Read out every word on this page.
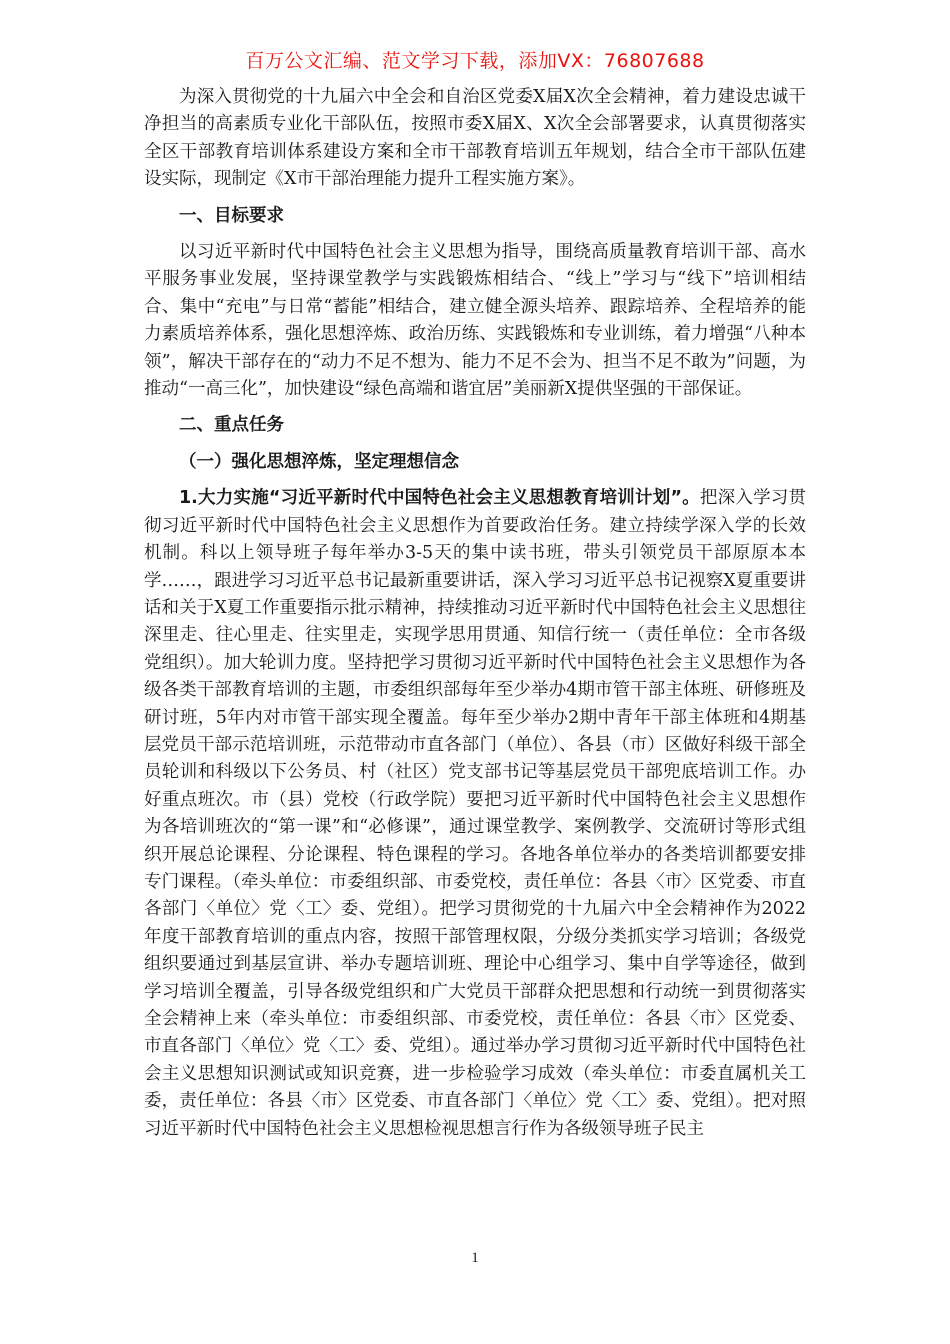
百万公文汇编、范文学习下载，添加VX：76807688

为深入贯彻党的十九届六中全会和自治区党委X届X次全会精神，着力建设忠诚干净担当的高素质专业化干部队伍，按照市委X届X、X次全会部署要求，认真贯彻落实全区干部教育培训体系建设方案和全市干部教育培训五年规划，结合全市干部队伍建设实际，现制定《X市干部治理能力提升工程实施方案》。

一、目标要求

以习近平新时代中国特色社会主义思想为指导，围绕高质量教育培训干部、高水平服务事业发展，坚持课堂教学与实践锻炼相结合、“线上”学习与“线下”培训相结合、集中“充电”与日常“蓄能”相结合，建立健全源头培养、跟踪培养、全程培养的能力素质培养体系，强化思想淬炼、政治历练、实践锻炼和专业训练，着力增强“八种本领”，解决干部存在的“动力不足不想为、能力不足不会为、担当不足不敢为”问题，为推动“一高三化”，加快建设“绿色高端和谐宜居”美丽新X提供坚强的干部保证。

二、重点任务

（一）强化思想淬炼，坚定理想信念

1.大力实施“习近平新时代中国特色社会主义思想教育培训计划”。把深入学习贯彻习近平新时代中国特色社会主义思想作为首要政治任务。建立持续学深入学的长效机制。科以上领导班子每年举办3-5天的集中读书班，带头引领党员干部原原本本学……，跟进学习习近平总书记最新重要讲话，深入学习习近平总书记视察X夏重要讲话和关于X夏工作重要指示批示精神，持续推动习近平新时代中国特色社会主义思想往深里走、往心里走、往实里走，实现学思用贯通、知信行统一（责任单位：全市各级党组织）。加大轮训力度。坚持把学习贯彻习近平新时代中国特色社会主义思想作为各级各类干部教育培训的主题，市委组织部每年至少举办4期市管干部主体班、研修班及研讨班，5年内对市管干部实现全覆盖。每年至少举办2期中青年干部主体班和4期基层党员干部示范培训班，示范带动市直各部门（单位）、各县（市）区做好科级干部全员轮训和科级以下公务员、村（社区）党支部书记等基层党员干部兜底培训工作。办好重点班次。市（县）党校（行政学院）要把习近平新时代中国特色社会主义思想作为各培训班次的“第一课”和“必修课”，通过课堂教学、案例教学、交流研讨等形式组织开展总论课程、分论课程、特色课程的学习。各地各单位举办的各类培训都要安排专门课程。（牵头单位：市委组织部、市委党校，责任单位：各县〈市〉区党委、市直各部门〈单位〉党〈工〉委、党组）。把学习贯彻党的十九届六中全会精神作为2022年度干部教育培训的重点内容，按照干部管理权限，分级分类抓实学习培训；各级党组织要通过到基层宣讲、举办专题培训班、理论中心组学习、集中自学等途径，做到学习培训全覆盖，引导各级党组织和广大党员干部群众把思想和行动统一到贯彻落实全会精神上来（牵头单位：市委组织部、市委党校，责任单位：各县〈市〉区党委、市直各部门〈单位〉党〈工〉委、党组）。通过举办学习贯彻习近平新时代中国特色社会主义思想知识测试或知识竞赛，进一步检验学习成效（牵头单位：市委直属机关工委，责任单位：各县〈市〉区党委、市直各部门〈单位〉党〈工〉委、党组）。把对照习近平新时代中国特色社会主义思想检视思想言行作为各级领导班子民主

1
